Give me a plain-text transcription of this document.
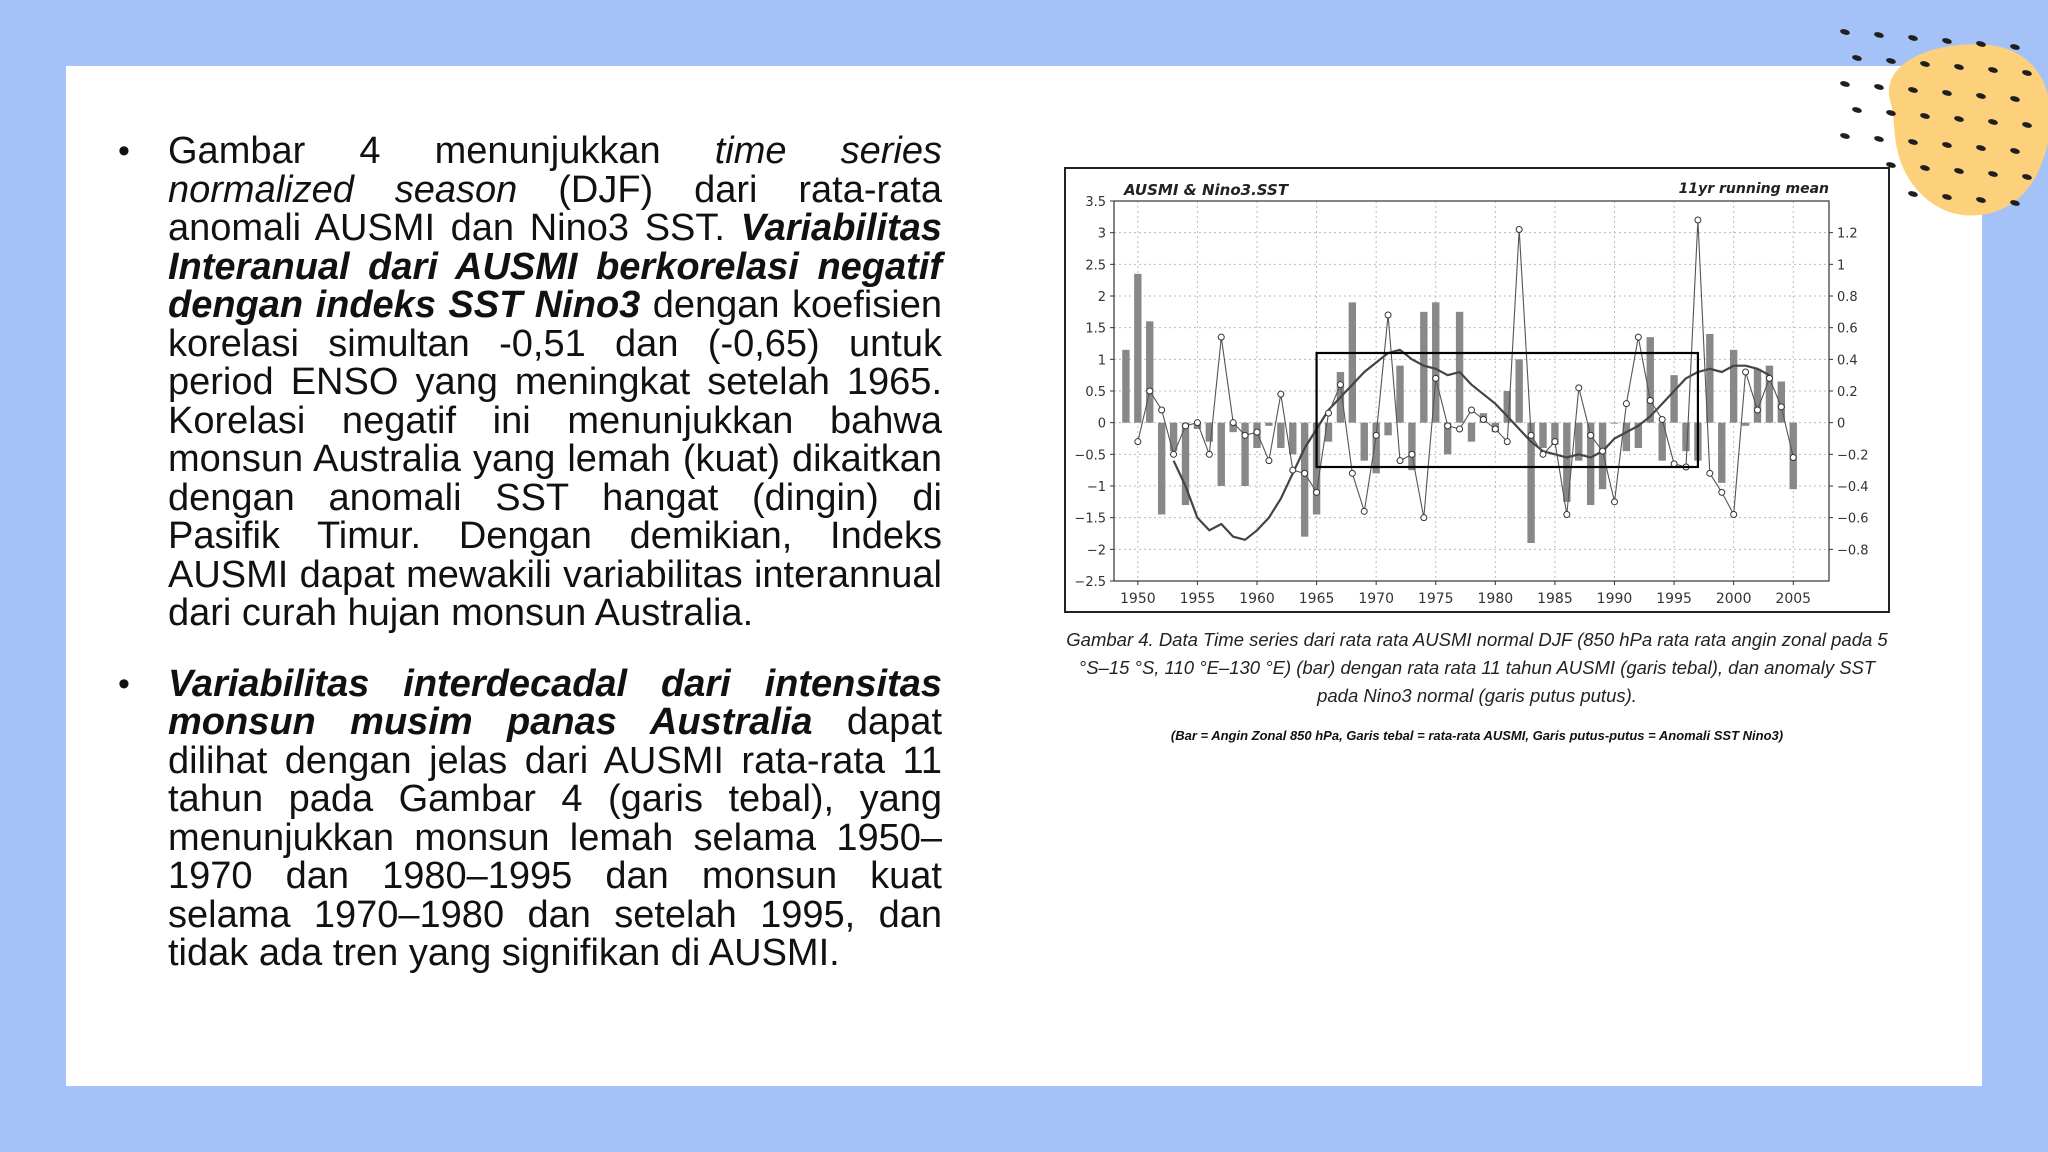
• Gambar 4 menunjukkan time series normalized season (DJF) dari rata-rata anomali AUSMI dan Nino3 SST. Variabilitas Interanual dari AUSMI berkorelasi negatif dengan indeks SST Nino3 dengan koefisien korelasi simultan -0,51 dan (-0,65) untuk period ENSO yang meningkat setelah 1965. Korelasi negatif ini menunjukkan bahwa monsun Australia yang lemah (kuat) dikaitkan dengan anomali SST hangat (dingin) di Pasifik Timur. Dengan demikian, Indeks AUSMI dapat mewakili variabilitas interannual dari curah hujan monsun Australia.

• Variabilitas interdecadal dari intensitas monsun musim panas Australia dapat dilihat dengan jelas dari AUSMI rata-rata 11 tahun pada Gambar 4 (garis tebal), yang menunjukkan monsun lemah selama 1950–1970 dan 1980–1995 dan monsun kuat selama 1970–1980 dan setelah 1995, dan tidak ada tren yang signifikan di AUSMI.

3.5
3
2.5
2
1.5
1
0.5
0
−0.5
−1
−1.5
−2
−2.5
1.2
1
0.8
0.6
0.4
0.2
0
−0.2
−0.4
−0.6
−0.8
1950 1955 1960 1965 1970 1975 1980 1985 1990 1995 2000 2005
AUSMI & Nino3.SST	11yr running mean
Gambar 4. Data Time series dari rata rata AUSMI normal DJF (850 hPa rata rata angin zonal pada 5 °S–15 °S, 110 °E–130 °E) (bar) dengan rata rata 11 tahun AUSMI (garis tebal), dan anomaly SST pada Nino3 normal (garis putus putus).
(Bar = Angin Zonal 850 hPa, Garis tebal = rata-rata AUSMI, Garis putus-putus = Anomali SST Nino3)
